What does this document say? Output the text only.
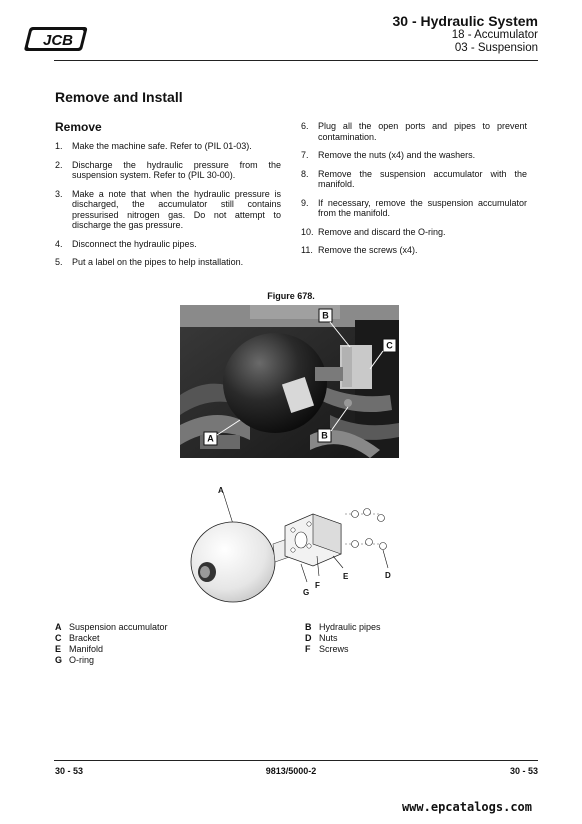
JCB
30 - Hydraulic System
18 - Accumulator
03 - Suspension
Remove and Install
Remove
1. Make the machine safe. Refer to (PIL 01-03).
2. Discharge the hydraulic pressure from the suspension system. Refer to (PIL 30-00).
3. Make a note that when the hydraulic pressure is discharged, the accumulator still contains pressurised nitrogen gas. Do not attempt to discharge the gas pressure.
4. Disconnect the hydraulic pipes.
5. Put a label on the pipes to help installation.
6. Plug all the open ports and pipes to prevent contamination.
7. Remove the nuts (x4) and the washers.
8. Remove the suspension accumulator with the manifold.
9. If necessary, remove the suspension accumulator from the manifold.
10. Remove and discard the O-ring.
11. Remove the screws (x4).
Figure 678.
B
C
A	B
A
G
F
E	D
A Suspension accumulator
C Bracket
E Manifold
G O-ring
B Hydraulic pipes
D Nuts
F Screws
30 - 53	9813/5000-2	30 - 53
www.epcatalogs.com
